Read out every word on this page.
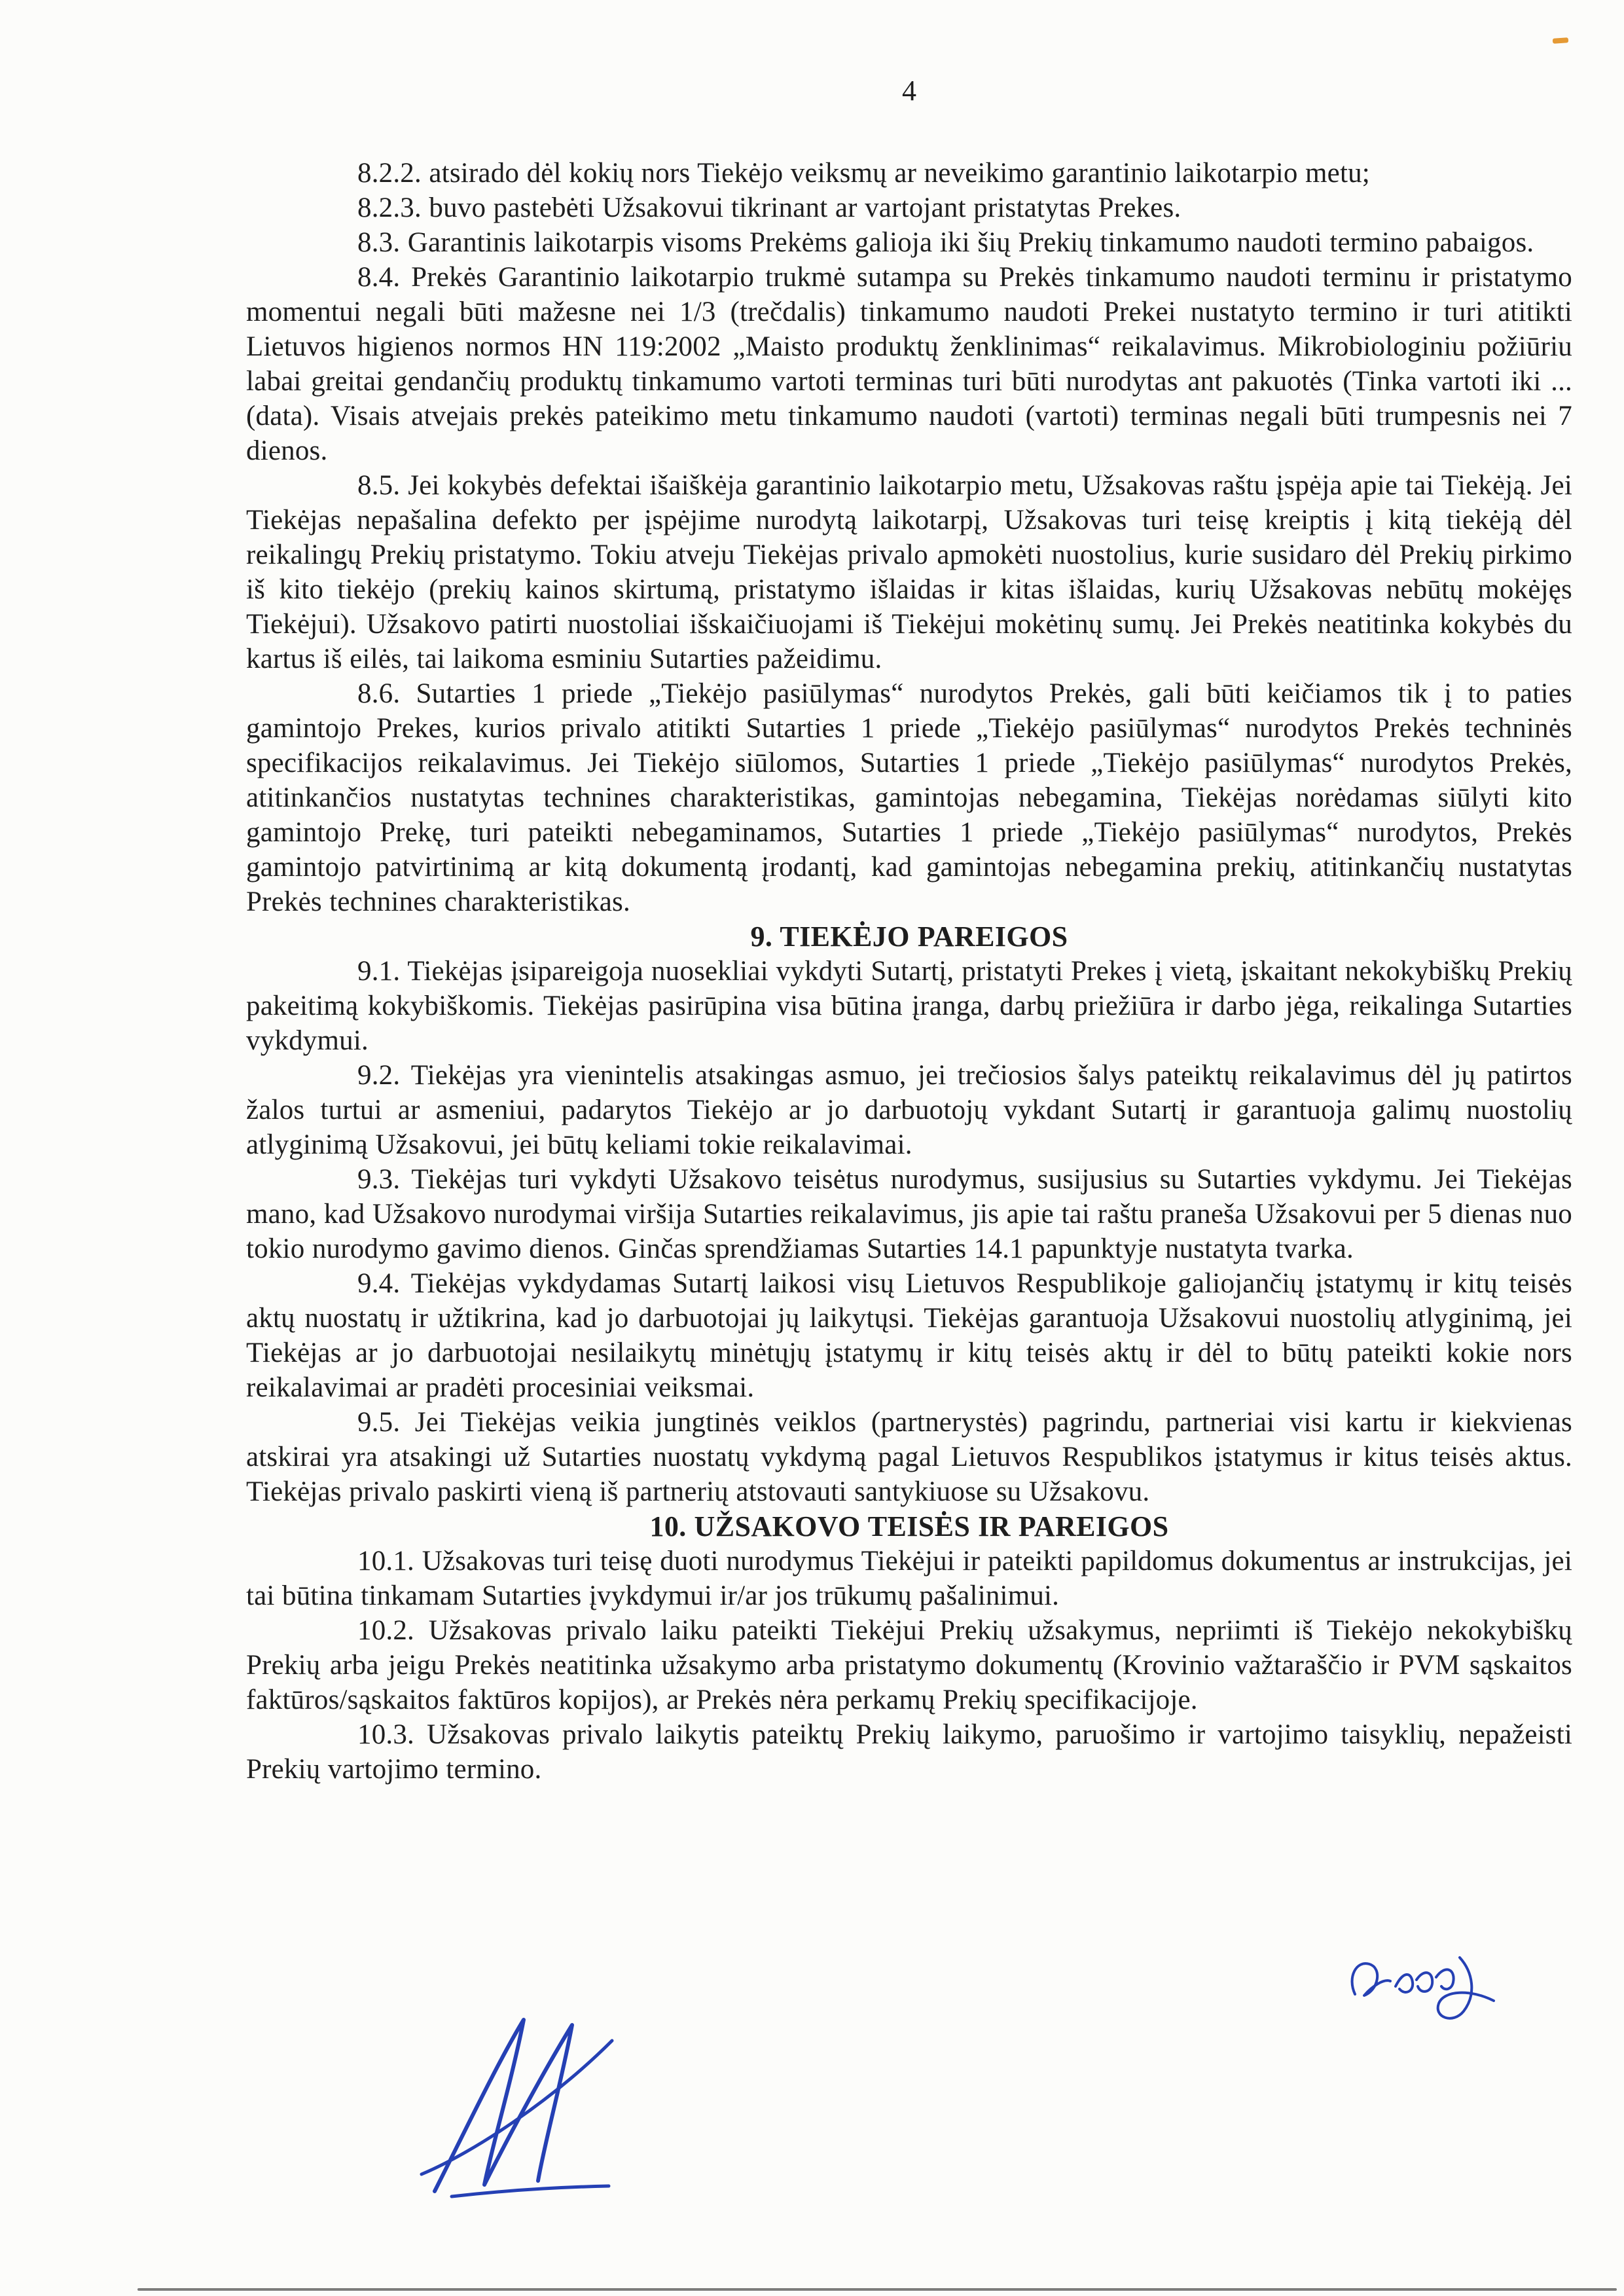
4

8.2.2. atsirado dėl kokių nors Tiekėjo veiksmų ar neveikimo garantinio laikotarpio metu;

8.2.3. buvo pastebėti Užsakovui tikrinant ar vartojant pristatytas Prekes.

8.3. Garantinis laikotarpis visoms Prekėms galioja iki šių Prekių tinkamumo naudoti termino pabaigos.

8.4. Prekės Garantinio laikotarpio trukmė sutampa su Prekės tinkamumo naudoti terminu ir pristatymo momentui negali būti mažesne nei 1/3 (trečdalis) tinkamumo naudoti Prekei nustatyto termino ir turi atitikti Lietuvos higienos normos HN 119:2002 „Maisto produktų ženklinimas“ reikalavimus. Mikrobiologiniu požiūriu labai greitai gendančių produktų tinkamumo vartoti terminas turi būti nurodytas ant pakuotės (Tinka vartoti iki ... (data). Visais atvejais prekės pateikimo metu tinkamumo naudoti (vartoti) terminas negali būti trumpesnis nei 7 dienos.

8.5. Jei kokybės defektai išaiškėja garantinio laikotarpio metu, Užsakovas raštu įspėja apie tai Tiekėją. Jei Tiekėjas nepašalina defekto per įspėjime nurodytą laikotarpį, Užsakovas turi teisę kreiptis į kitą tiekėją dėl reikalingų Prekių pristatymo. Tokiu atveju Tiekėjas privalo apmokėti nuostolius, kurie susidaro dėl Prekių pirkimo iš kito tiekėjo (prekių kainos skirtumą, pristatymo išlaidas ir kitas išlaidas, kurių Užsakovas nebūtų mokėjęs Tiekėjui). Užsakovo patirti nuostoliai išskaičiuojami iš Tiekėjui mokėtinų sumų. Jei Prekės neatitinka kokybės du kartus iš eilės, tai laikoma esminiu Sutarties pažeidimu.

8.6. Sutarties 1 priede „Tiekėjo pasiūlymas“ nurodytos Prekės, gali būti keičiamos tik į to paties gamintojo Prekes, kurios privalo atitikti Sutarties 1 priede „Tiekėjo pasiūlymas“ nurodytos Prekės techninės specifikacijos reikalavimus. Jei Tiekėjo siūlomos, Sutarties 1 priede „Tiekėjo pasiūlymas“ nurodytos Prekės, atitinkančios nustatytas technines charakteristikas, gamintojas nebegamina, Tiekėjas norėdamas siūlyti kito gamintojo Prekę, turi pateikti nebegaminamos, Sutarties 1 priede „Tiekėjo pasiūlymas“ nurodytos, Prekės gamintojo patvirtinimą ar kitą dokumentą įrodantį, kad gamintojas nebegamina prekių, atitinkančių nustatytas Prekės technines charakteristikas.

9. TIEKĖJO PAREIGOS

9.1. Tiekėjas įsipareigoja nuosekliai vykdyti Sutartį, pristatyti Prekes į vietą, įskaitant nekokybiškų Prekių pakeitimą kokybiškomis. Tiekėjas pasirūpina visa būtina įranga, darbų priežiūra ir darbo jėga, reikalinga Sutarties vykdymui.

9.2. Tiekėjas yra vienintelis atsakingas asmuo, jei trečiosios šalys pateiktų reikalavimus dėl jų patirtos žalos turtui ar asmeniui, padarytos Tiekėjo ar jo darbuotojų vykdant Sutartį ir garantuoja galimų nuostolių atlyginimą Užsakovui, jei būtų keliami tokie reikalavimai.

9.3. Tiekėjas turi vykdyti Užsakovo teisėtus nurodymus, susijusius su Sutarties vykdymu. Jei Tiekėjas mano, kad Užsakovo nurodymai viršija Sutarties reikalavimus, jis apie tai raštu praneša Užsakovui per 5 dienas nuo tokio nurodymo gavimo dienos. Ginčas sprendžiamas Sutarties 14.1 papunktyje nustatyta tvarka.

9.4. Tiekėjas vykdydamas Sutartį laikosi visų Lietuvos Respublikoje galiojančių įstatymų ir kitų teisės aktų nuostatų ir užtikrina, kad jo darbuotojai jų laikytųsi. Tiekėjas garantuoja Užsakovui nuostolių atlyginimą, jei Tiekėjas ar jo darbuotojai nesilaikytų minėtųjų įstatymų ir kitų teisės aktų ir dėl to būtų pateikti kokie nors reikalavimai ar pradėti procesiniai veiksmai.

9.5. Jei Tiekėjas veikia jungtinės veiklos (partnerystės) pagrindu, partneriai visi kartu ir kiekvienas atskirai yra atsakingi už Sutarties nuostatų vykdymą pagal Lietuvos Respublikos įstatymus ir kitus teisės aktus. Tiekėjas privalo paskirti vieną iš partnerių atstovauti santykiuose su Užsakovu.

10. UŽSAKOVO TEISĖS IR PAREIGOS

10.1. Užsakovas turi teisę duoti nurodymus Tiekėjui ir pateikti papildomus dokumentus ar instrukcijas, jei tai būtina tinkamam Sutarties įvykdymui ir/ar jos trūkumų pašalinimui.

10.2. Užsakovas privalo laiku pateikti Tiekėjui Prekių užsakymus, nepriimti iš Tiekėjo nekokybiškų Prekių arba jeigu Prekės neatitinka užsakymo arba pristatymo dokumentų (Krovinio važtaraščio ir PVM sąskaitos faktūros/sąskaitos faktūros kopijos), ar Prekės nėra perkamų Prekių specifikacijoje.

10.3. Užsakovas privalo laikytis pateiktų Prekių laikymo, paruošimo ir vartojimo taisyklių, nepažeisti Prekių vartojimo termino.
